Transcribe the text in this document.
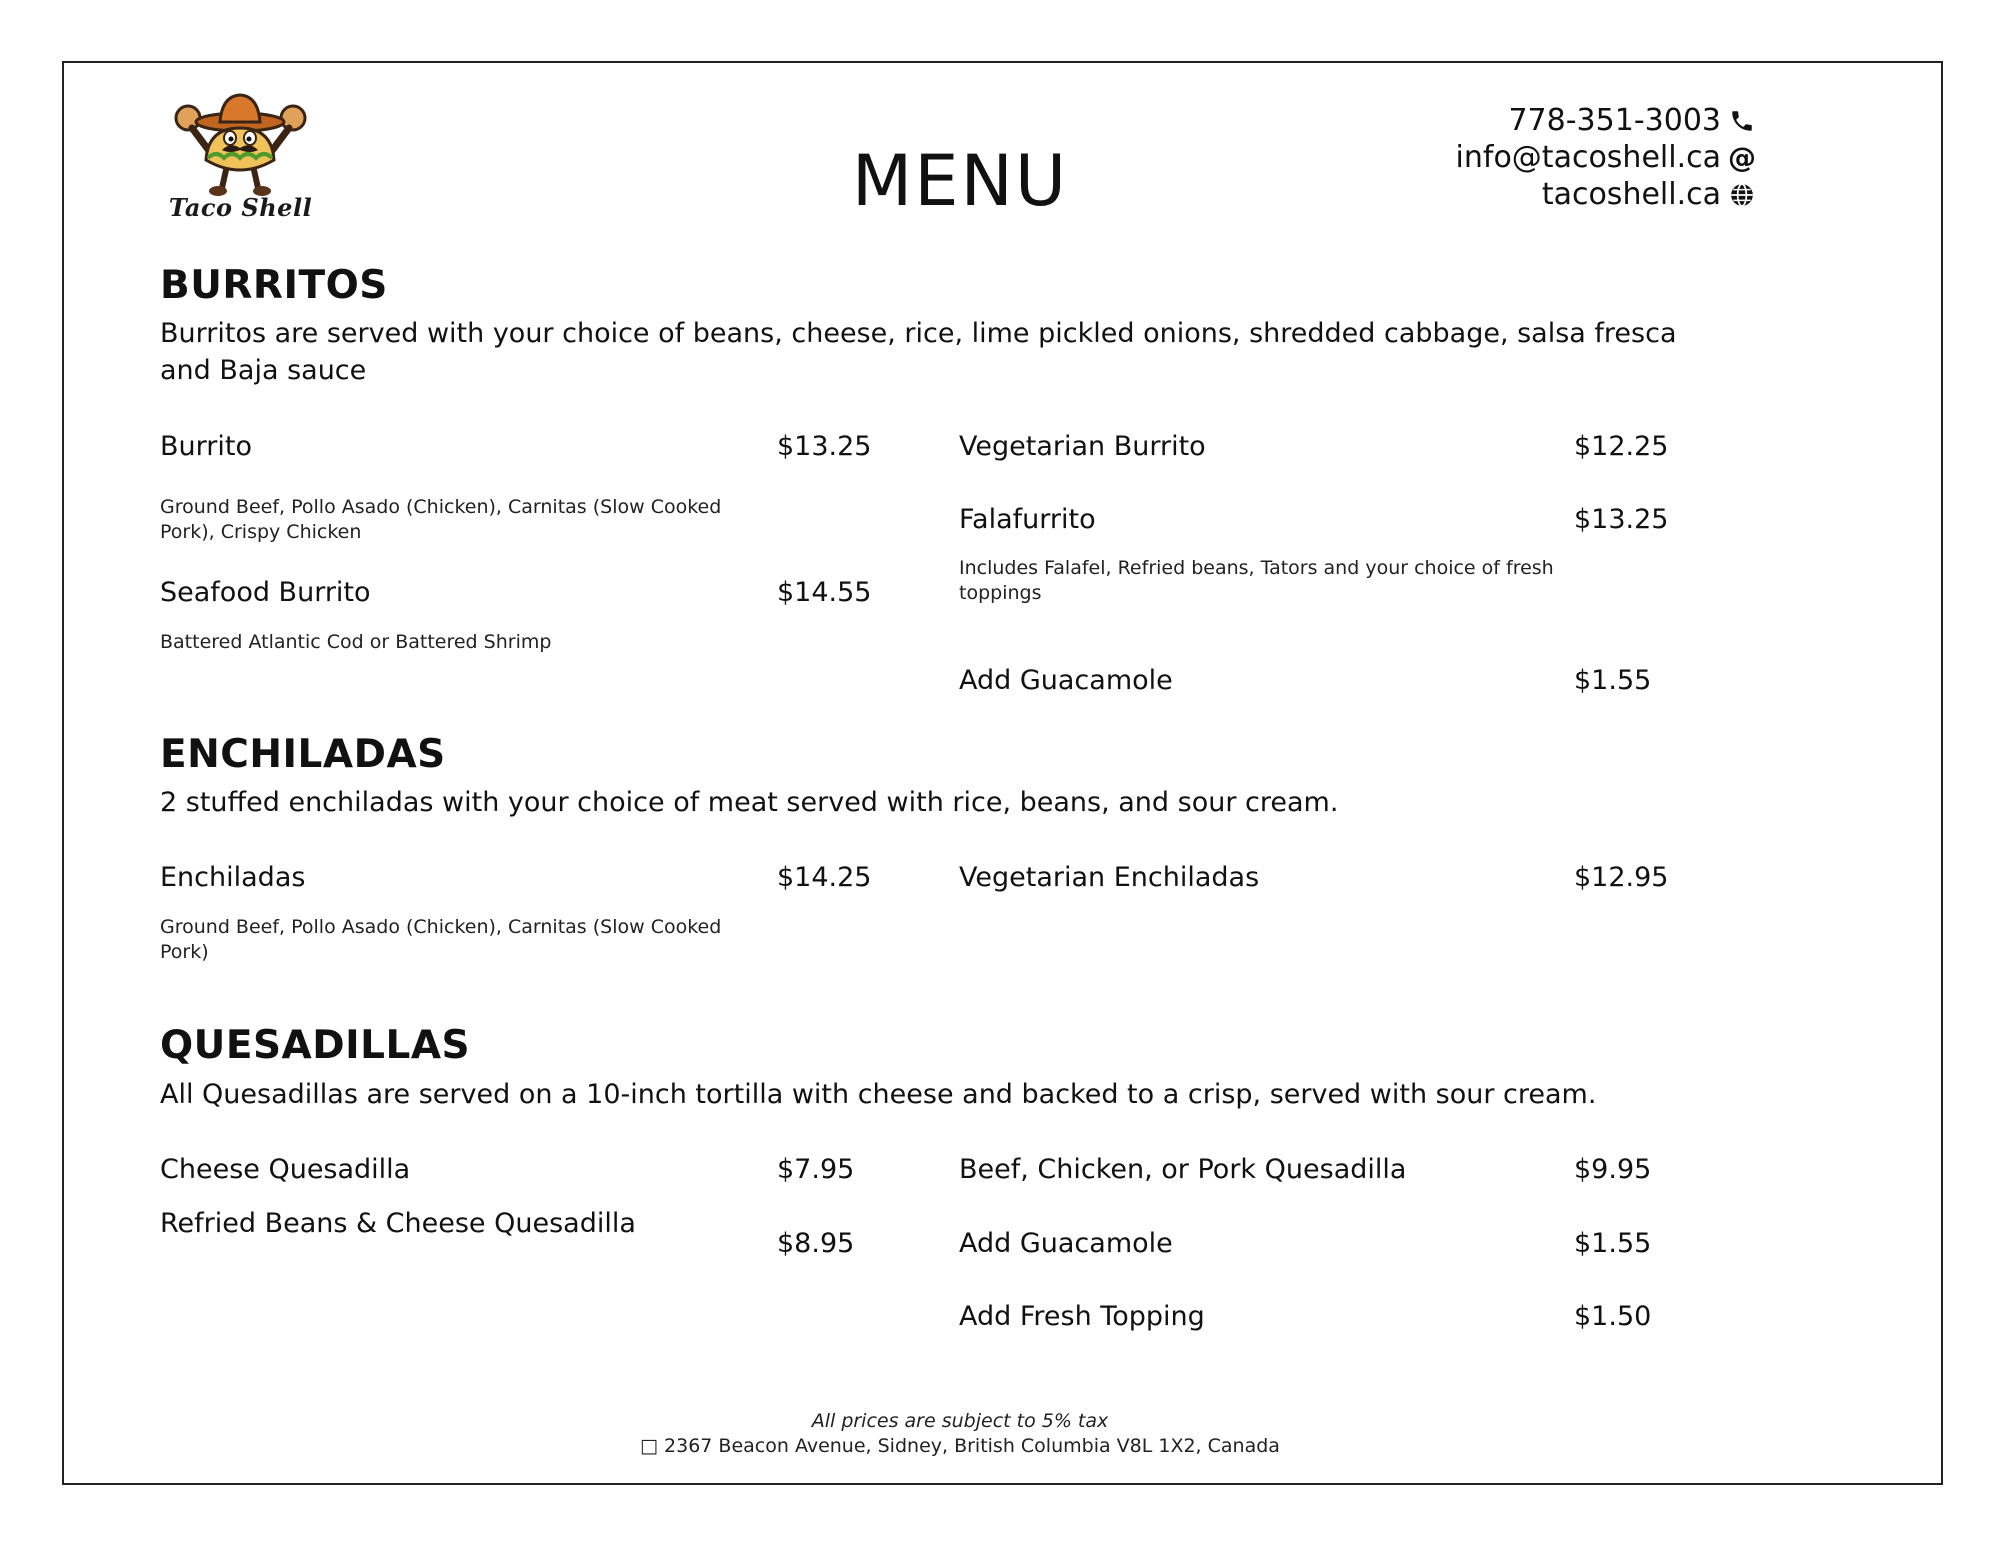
Taco Shell	MENU
778-351-3003
info@tacoshell.ca @
tacoshell.ca
BURRITOS
Burritos are served with your choice of beans, cheese, rice, lime pickled onions, shredded cabbage, salsa fresca and Baja sauce
Burrito	$13.25
Ground Beef, Pollo Asado (Chicken), Carnitas (Slow Cooked Pork), Crispy Chicken
Seafood Burrito	$14.55
Battered Atlantic Cod or Battered Shrimp
Vegetarian Burrito	$12.25
Falafurrito	$13.25
Includes Falafel, Refried beans, Tators and your choice of fresh toppings
Add Guacamole	$1.55
ENCHILADAS
2 stuffed enchiladas with your choice of meat served with rice, beans, and sour cream.
Enchiladas	$14.25
Ground Beef, Pollo Asado (Chicken), Carnitas (Slow Cooked Pork)
Vegetarian Enchiladas	$12.95
QUESADILLAS
All Quesadillas are served on a 10-inch tortilla with cheese and backed to a crisp, served with sour cream.
Cheese Quesadilla	$7.95
Refried Beans & Cheese Quesadilla
$8.95
Beef, Chicken, or Pork Quesadilla	$9.95
Add Guacamole	$1.55
Add Fresh Topping	$1.50
All prices are subject to 5% tax
□ 2367 Beacon Avenue, Sidney, British Columbia V8L 1X2, Canada
